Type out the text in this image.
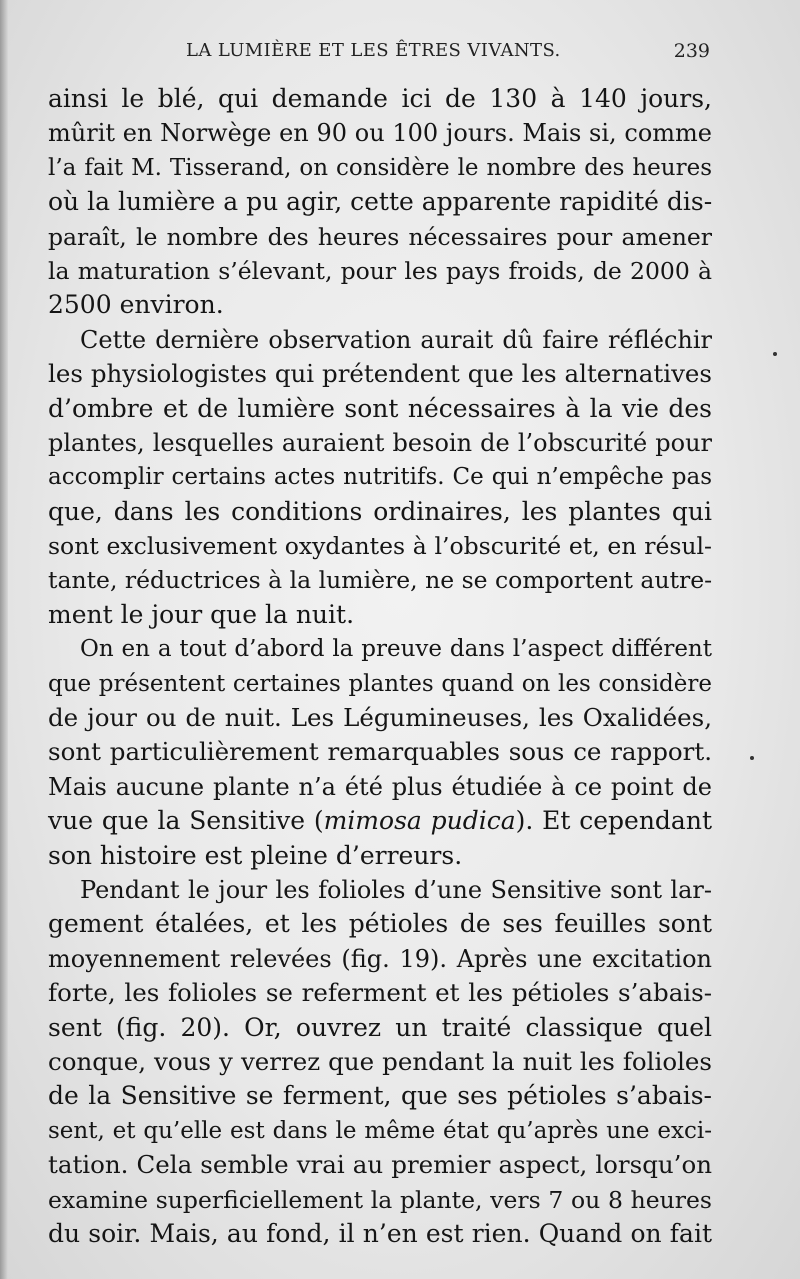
LA LUMIÈRE ET LES ÊTRES VIVANTS.	239
ainsi le blé, qui demande ici de 130 à 140 jours,
mûrit en Norwège en 90 ou 100 jours. Mais si, comme
l’a fait M. Tisserand, on considère le nombre des heures
où la lumière a pu agir, cette apparente rapidité dis-
paraît, le nombre des heures nécessaires pour amener
la maturation s’élevant, pour les pays froids, de 2000 à
2500 environ.
Cette dernière observation aurait dû faire réfléchir
les physiologistes qui prétendent que les alternatives
d’ombre et de lumière sont nécessaires à la vie des
plantes, lesquelles auraient besoin de l’obscurité pour
accomplir certains actes nutritifs. Ce qui n’empêche pas
que, dans les conditions ordinaires, les plantes qui
sont exclusivement oxydantes à l’obscurité et, en résul-
tante, réductrices à la lumière, ne se comportent autre-
ment le jour que la nuit.
On en a tout d’abord la preuve dans l’aspect différent
que présentent certaines plantes quand on les considère
de jour ou de nuit. Les Légumineuses, les Oxalidées,
sont particulièrement remarquables sous ce rapport.
Mais aucune plante n’a été plus étudiée à ce point de
vue que la Sensitive (mimosa pudica). Et cependant
son histoire est pleine d’erreurs.
Pendant le jour les folioles d’une Sensitive sont lar-
gement étalées, et les pétioles de ses feuilles sont
moyennement relevées (fig. 19). Après une excitation
forte, les folioles se referment et les pétioles s’abais-
sent (fig. 20). Or, ouvrez un traité classique quel
conque, vous y verrez que pendant la nuit les folioles
de la Sensitive se ferment, que ses pétioles s’abais-
sent, et qu’elle est dans le même état qu’après une exci-
tation. Cela semble vrai au premier aspect, lorsqu’on
examine superficiellement la plante, vers 7 ou 8 heures
du soir. Mais, au fond, il n’en est rien. Quand on fait
